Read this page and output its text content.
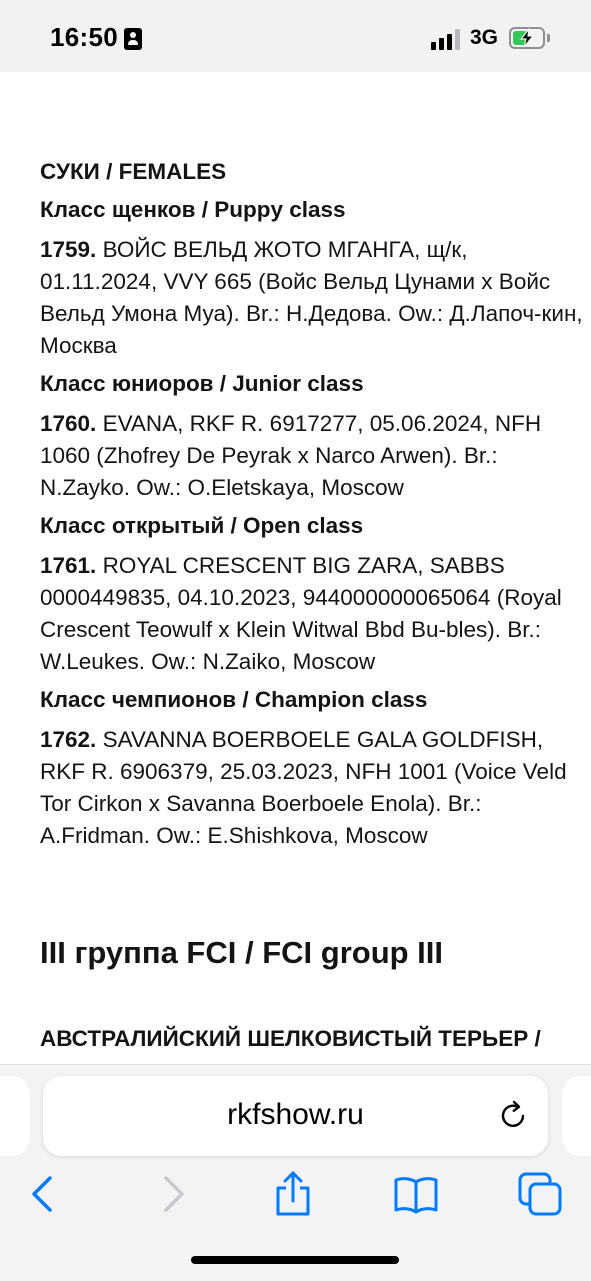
16:50	3G
СУКИ / FEMALES
Класс щенков / Puppy class
1759. ВОЙС ВЕЛЬД ЖОТО МГАНГА, щ/к, 01.11.2024, VVY 665 (Войс Вельд Цунами х Войс Вельд Умона Муа). Br.: Н.Дедова. Ow.: Д.Лапоч-кин, Москва
Класс юниоров / Junior class
1760. EVANA, RKF R. 6917277, 05.06.2024, NFH 1060 (Zhofrey De Peyrak x Narco Arwen). Br.: N.Zayko. Ow.: O.Eletskaya, Moscow
Класс открытый / Open class
1761. ROYAL CRESCENT BIG ZARA, SABBS 0000449835, 04.10.2023, 944000000065064 (Royal Crescent Teowulf x Klein Witwal Bbd Bu-bles). Br.: W.Leukes. Ow.: N.Zaiko, Moscow
Класс чемпионов / Champion class
1762. SAVANNA BOERBOELE GALA GOLDFISH, RKF R. 6906379, 25.03.2023, NFH 1001 (Voice Veld Tor Cirkon x Savanna Boerboele Enola). Br.: A.Fridman. Ow.: E.Shishkova, Moscow
III группа FCI / FCI group III
АВСТРАЛИЙСКИЙ ШЕЛКОВИСТЫЙ ТЕРЬЕР /
rkfshow.ru
